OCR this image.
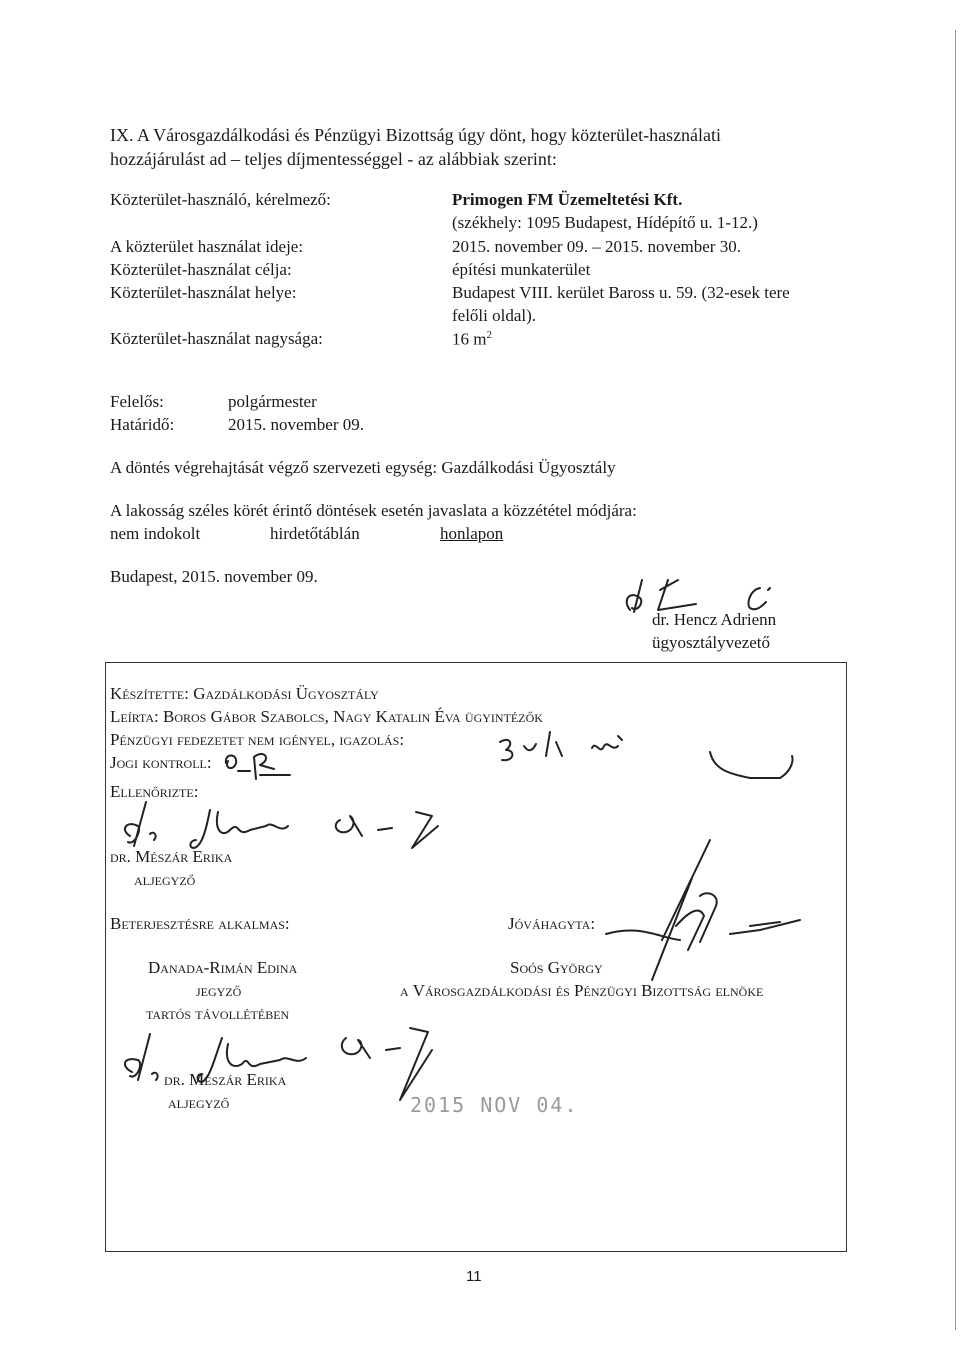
IX. A Városgazdálkodási és Pénzügyi Bizottság úgy dönt, hogy közterület-használati
hozzájárulást ad – teljes díjmentességgel - az alábbiak szerint:
Közterület-használó, kérelmező:	Primogen FM Üzemeltetési Kft.
(székhely: 1095 Budapest, Hídépítő u. 1-12.)
A közterület használat ideje:	2015. november 09. – 2015. november 30.
Közterület-használat célja:	építési munkaterület
Közterület-használat helye:	Budapest VIII. kerület Baross u. 59. (32-esek tere
felőli oldal).
Közterület-használat nagysága:	16 $m^2$
Felelős:	polgármester
Határidő:	2015. november 09.
A döntés végrehajtását végző szervezeti egység: Gazdálkodási Ügyosztály
A lakosság széles körét érintő döntések esetén javaslata a közzététel módjára:
nem indokolt	hirdetőtáblán	honlapon
Budapest, 2015. november 09.
dr. Hencz Adrienn
ügyosztályvezető
Készítette: Gazdálkodási Ügyosztály
Leírta: Boros Gábor Szabolcs, Nagy Katalin Éva ügyintézők
Pénzügyi fedezetet nem igényel, igazolás:
Jogi kontroll:
Ellenőrizte:
dr. Mészár Erika
aljegyző
Beterjesztésre alkalmas:	Jóváhagyta:
Danada-Rimán Edina
jegyző
tartós távollétében
Soós György
a Városgazdálkodási és Pénzügyi Bizottság elnöke
dr. Mészár Erika
aljegyző	2015 NOV 04.
11
